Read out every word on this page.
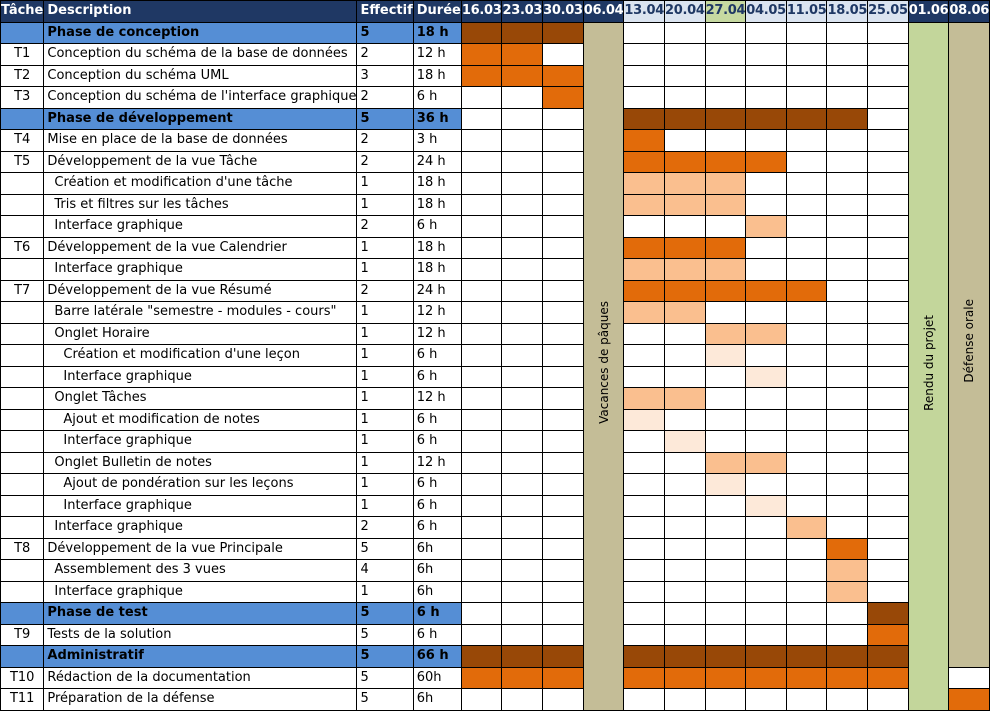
Tâche	Description	Effectif	Durée	16.03	23.03	30.03	06.04	13.04	20.04	27.04	04.05	11.05	18.05	25.05	01.06	08.06
	Phase de conception	5	18 h				Vacances de pâques								Rendu du projet	Défense orale
T1	Conception du schéma de la base de données	2	12 h													
T2	Conception du schéma UML	3	18 h													
T3	Conception du schéma de l'interface graphique	2	6 h													
	Phase de développement	5	36 h													
T4	Mise en place de la base de données	2	3 h													
T5	Développement de la vue Tâche	2	24 h													
	Création et modification d'une tâche	1	18 h													
	Tris et filtres sur les tâches	1	18 h													
	Interface graphique	2	6 h													
T6	Développement de la vue Calendrier	1	18 h													
	Interface graphique	1	18 h													
T7	Développement de la vue Résumé	2	24 h													
	Barre latérale "semestre - modules - cours"	1	12 h													
	Onglet Horaire	1	12 h													
	Création et modification d'une leçon	1	6 h													
	Interface graphique	1	6 h													
	Onglet Tâches	1	12 h													
	Ajout et modification de notes	1	6 h													
	Interface graphique	1	6 h													
	Onglet Bulletin de notes	1	12 h													
	Ajout de pondération sur les leçons	1	6 h													
	Interface graphique	1	6 h													
	Interface graphique	2	6 h													
T8	Développement de la vue Principale	5	6h													
	Assemblement des 3 vues	4	6h													
	Interface graphique	1	6h													
	Phase de test	5	6 h													
T9	Tests de la solution	5	6 h													
	Administratif	5	66 h													
T10	Rédaction de la documentation	5	60h													
T11	Préparation de la défense	5	6h													
